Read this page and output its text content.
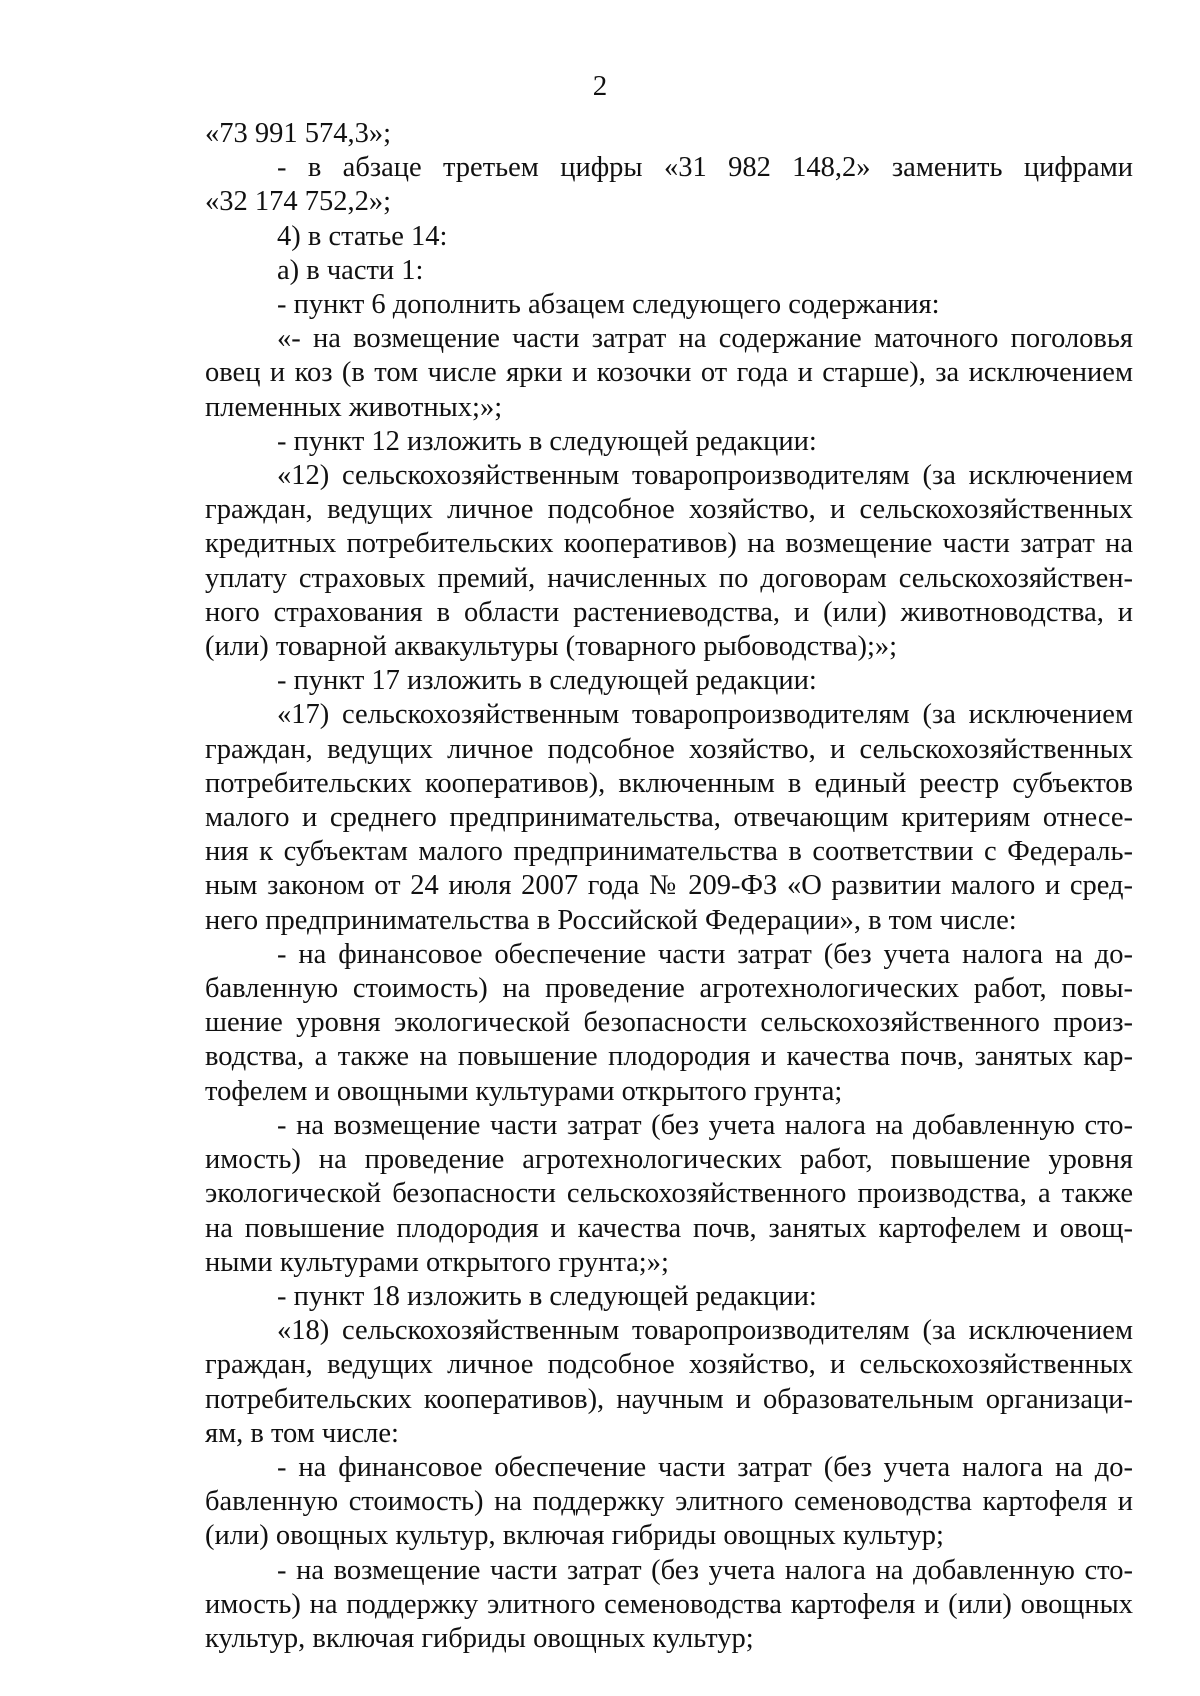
2

«73 991 574,3»;

- в абзаце третьем цифры «31 982 148,2» заменить цифрами

«32 174 752,2»;

4) в статье 14:

а) в части 1:

- пункт 6 дополнить абзацем следующего содержания:

«- на возмещение части затрат на содержание маточного поголовья овец и коз (в том числе ярки и козочки от года и старше), за исключением племенных животных;»;

- пункт 12 изложить в следующей редакции:

«12) сельскохозяйственным товаропроизводителям (за исключением граждан, ведущих личное подсобное хозяйство, и сельскохозяйственных кредитных потребительских кооперативов) на возмещение части затрат на уплату страховых премий, начисленных по договорам сельскохозяйствен-ного страхования в области растениеводства, и (или) животноводства, и (или) товарной аквакультуры (товарного рыбоводства);»;

- пункт 17 изложить в следующей редакции:

«17) сельскохозяйственным товаропроизводителям (за исключением граждан, ведущих личное подсобное хозяйство, и сельскохозяйственных потребительских кооперативов), включенным в единый реестр субъектов малого и среднего предпринимательства, отвечающим критериям отнесе-ния к субъектам малого предпринимательства в соответствии с Федераль-ным законом от 24 июля 2007 года № 209-ФЗ «О развитии малого и сред-него предпринимательства в Российской Федерации», в том числе:

- на финансовое обеспечение части затрат (без учета налога на до-бавленную стоимость) на проведение агротехнологических работ, повы-шение уровня экологической безопасности сельскохозяйственного произ-водства, а также на повышение плодородия и качества почв, занятых кар-тофелем и овощными культурами открытого грунта;

- на возмещение части затрат (без учета налога на добавленную сто-имость) на проведение агротехнологических работ, повышение уровня экологической безопасности сельскохозяйственного производства, а также на повышение плодородия и качества почв, занятых картофелем и овощ-ными культурами открытого грунта;»;

- пункт 18 изложить в следующей редакции:

«18) сельскохозяйственным товаропроизводителям (за исключением граждан, ведущих личное подсобное хозяйство, и сельскохозяйственных потребительских кооперативов), научным и образовательным организаци-ям, в том числе:

- на финансовое обеспечение части затрат (без учета налога на до-бавленную стоимость) на поддержку элитного семеноводства картофеля и (или) овощных культур, включая гибриды овощных культур;

- на возмещение части затрат (без учета налога на добавленную сто-имость) на поддержку элитного семеноводства картофеля и (или) овощных культур, включая гибриды овощных культур;
